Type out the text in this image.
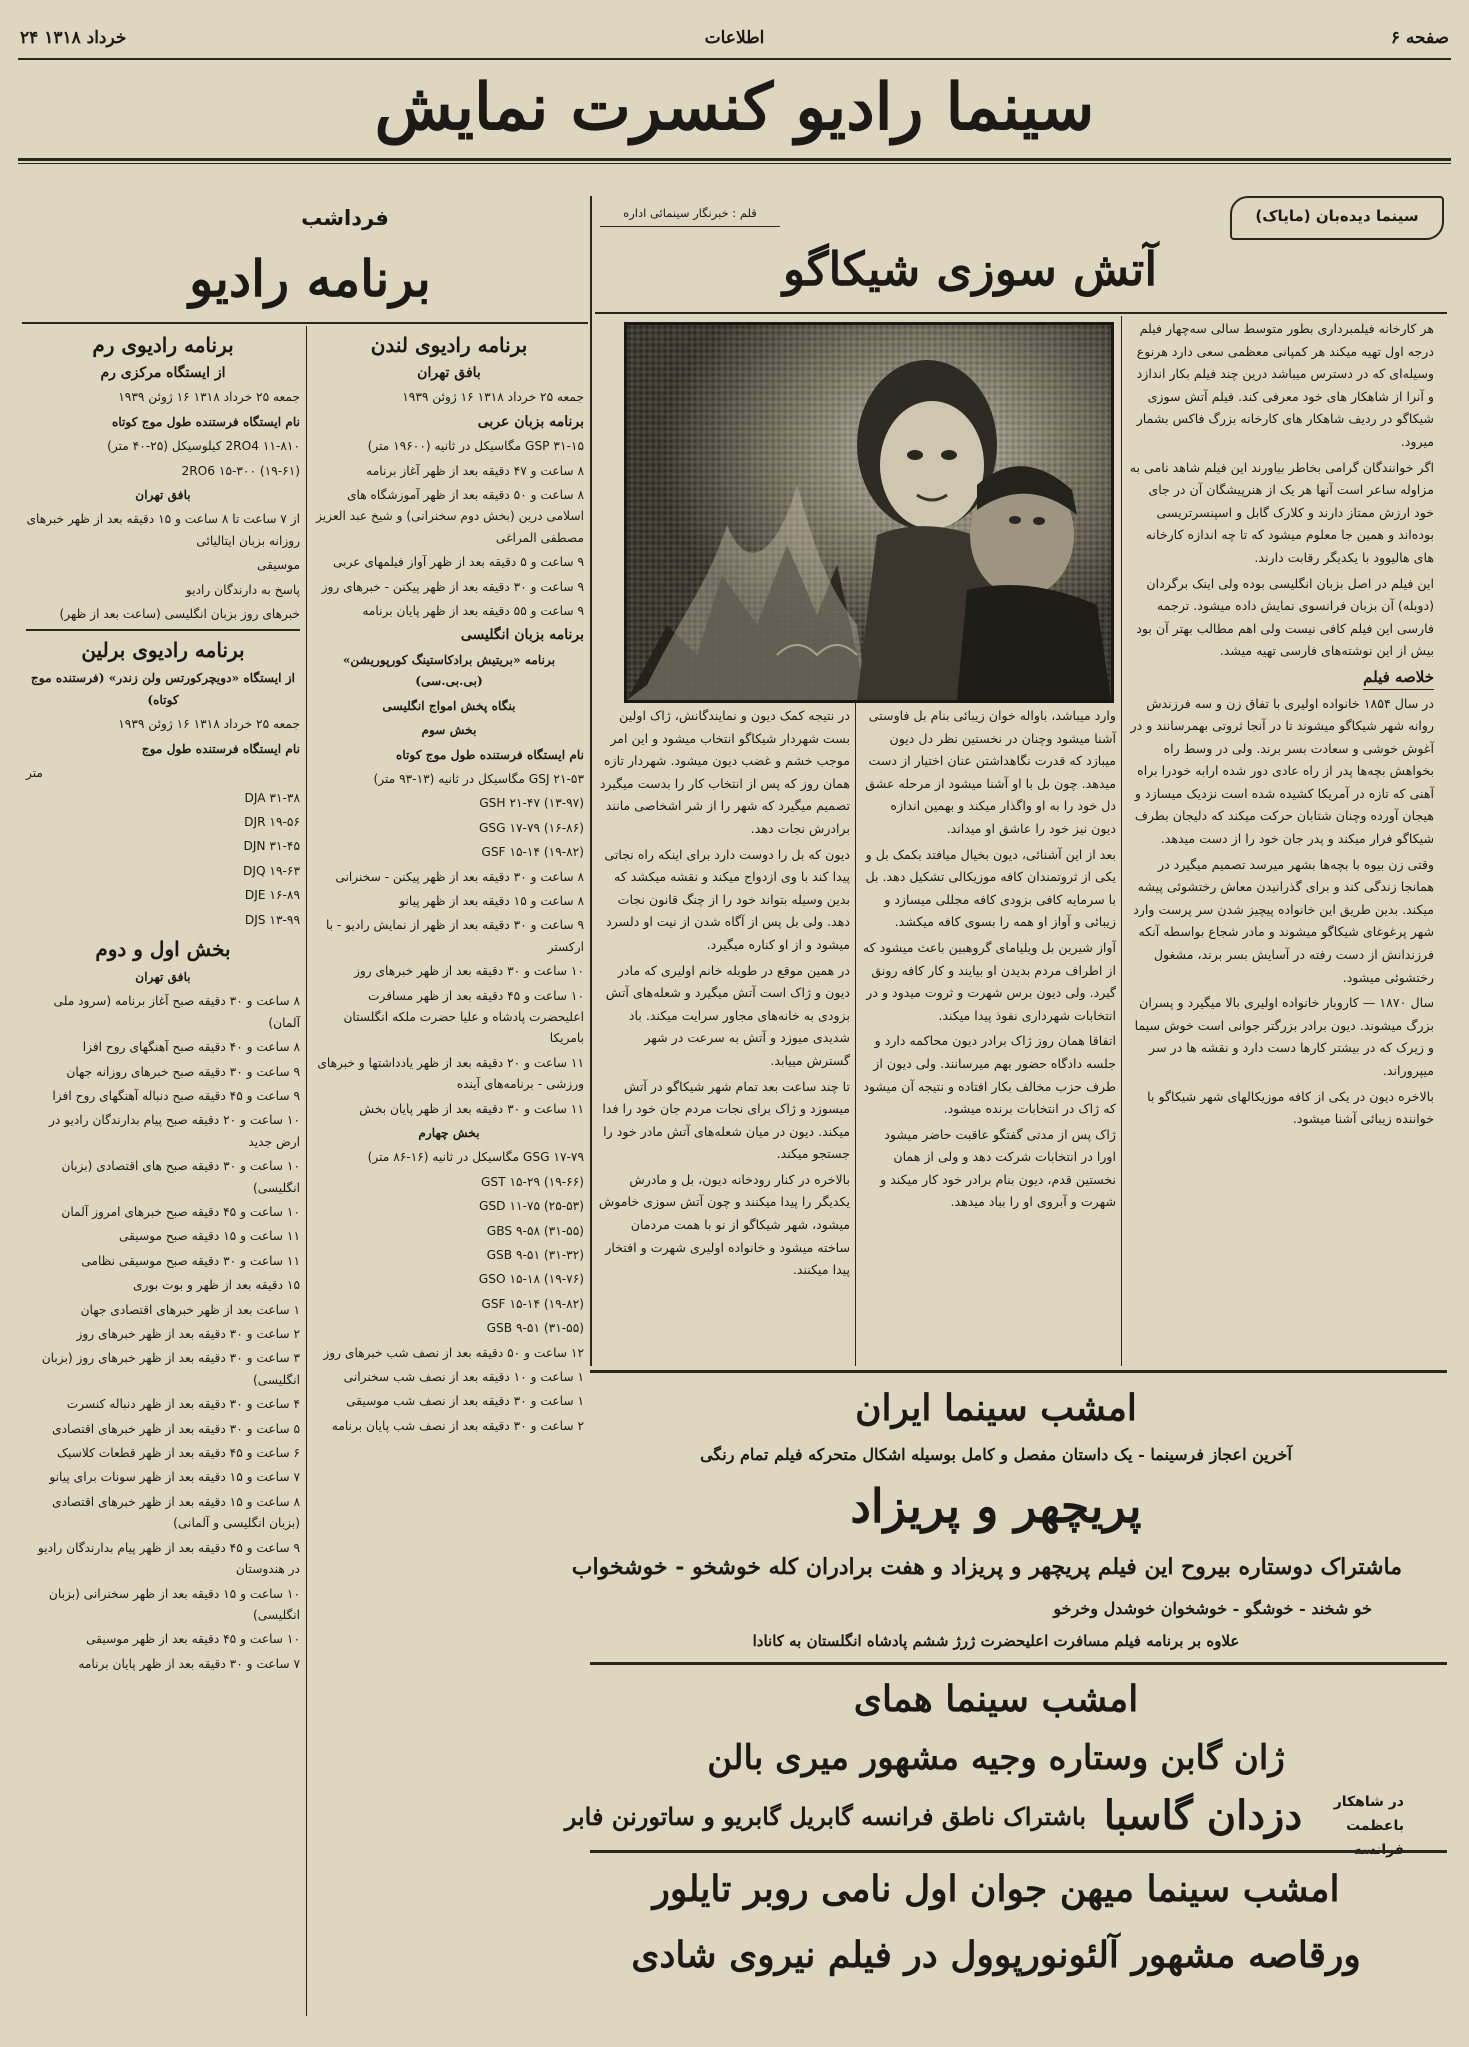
صفحه ۶
اطلاعات
۲۴ خرداد ۱۳۱۸
سینما رادیو کنسرت نمایش
سینما دیده‌بان (مایاک)
قلم : خبرنگار سینمائی اداره
آتش سوزی شیکاگو

هر کارخانه فیلمبرداری بطور متوسط سالی سه‌چهار فیلم درجه اول تهیه میکند هر کمپانی معظمی سعی دارد هرنوع وسیله‌ای که در دسترس میباشد درین چند فیلم بکار اندازد و آنرا از شاهکار های خود معرفی کند. فیلم آتش سوزی شیکاگو در ردیف شاهکار های کارخانه بزرگ فاکس بشمار میرود.

اگر خوانندگان گرامی بخاطر بیاورند این فیلم شاهد نامی به مزاوله ساعر است آنها هر یک از هنرپیشگان آن در جای خود ارزش ممتاز دارند و کلارک گابل و اسپنسرتریسی بوده‌اند و همین جا معلوم میشود که تا چه اندازه کارخانه های هالیوود با یکدیگر رقابت دارند.

این فیلم در اصل بزبان انگلیسی بوده ولی اینک برگردان (دوبله) آن بزبان فرانسوی نمایش داده میشود. ترجمه فارسی این فیلم کافی نیست ولی اهم مطالب بهتر آن بود بیش از این نوشته‌های فارسی تهیه میشد.

خلاصه فیلم

در سال ۱۸۵۴ خانواده اولیری با تفاق زن و سه فرزندش روانه شهر شیکاگو میشوند تا در آنجا ثروتی بهمرسانند و در آغوش خوشی و سعادت بسر برند. ولی در وسط راه بخواهش بچه‌ها پدر از راه عادی دور شده ارابه خودرا براه آهنی که تازه در آمریکا کشیده شده است نزدیک میسازد و هیجان آورده وچنان شتابان حرکت میکند که دلیجان بطرف شیکاگو فرار میکند و پدر جان خود را از دست میدهد.

وقتی زن بیوه با بچه‌ها بشهر میرسد تصمیم میگیرد در همانجا زندگی کند و برای گذرانیدن معاش رختشوئی پیشه میکند. بدین طریق این خانواده پیچیز شدن سر پرست وارد شهر پرغوغای شیکاگو میشوند و مادر شجاع بواسطه آنکه فرزندانش از دست رفته در آسایش بسر برند، مشغول رختشوئی میشود.

سال ۱۸۷۰ — کاروبار خانواده اولیری بالا میگیرد و پسران بزرگ میشوند. دیون برادر بزرگتر جوانی است خوش سیما و زیرک که در بیشتر کارها دست دارد و نقشه ها در سر میپروراند.

بالاخره دیون در یکی از کافه موزیکالهای شهر شیکاگو با خواننده زیبائی آشنا میشود.

وارد میباشد، باواله خوان زیبائی بنام بل فاوستی آشنا میشود وچنان در نخستین نظر دل دیون میبازد که قدرت نگاهداشتن عنان اختیار از دست میدهد. چون بل با او آشنا میشود از مرحله عشق دل خود را به او واگذار میکند و بهمین اندازه دیون نیز خود را عاشق او میداند.

بعد از این آشنائی، دیون بخیال میافتد بکمک بل و یکی از ثروتمندان کافه موزیکالی تشکیل دهد. بل با سرمایه کافی بزودی کافه مجللی میسازد و زیبائی و آواز او همه را بسوی کافه میکشد.

آواز شیرین بل ویلیامای گروهبین باعث میشود که از اطراف مردم بدیدن او بیایند و کار کافه رونق گیرد. ولی دیون برس شهرت و ثروت میدود و در انتخابات شهرداری نفوذ پیدا میکند.

اتفاقا همان روز ژاک برادر دیون محاکمه دارد و جلسه دادگاه حضور بهم میرسانند. ولی دیون از طرف حزب مخالف بکار افتاده و نتیجه آن میشود که ژاک در انتخابات برنده میشود.

ژاک پس از مدتی گفتگو عاقبت حاضر میشود اورا در انتخابات شرکت دهد و ولی از همان نخستین قدم، دیون بنام برادر خود کار میکند و شهرت و آبروی او را بباد میدهد.

در نتیجه کمک دیون و نمایندگانش، ژاک اولین بست شهردار شیکاگو انتخاب میشود و این امر موجب خشم و غضب دیون میشود. شهردار تازه همان روز که پس از انتخاب کار را بدست میگیرد تصمیم میگیرد که شهر را از شر اشخاصی مانند برادرش نجات دهد.

دیون که بل را دوست دارد برای اینکه راه نجاتی پیدا کند با وی ازدواج میکند و نقشه میکشد که بدین وسیله بتواند خود را از چنگ قانون نجات دهد. ولی بل پس از آگاه شدن از نیت او دلسرد میشود و از او کناره میگیرد.

در همین موقع در طویله خانم اولیری که مادر دیون و ژاک است آتش میگیرد و شعله‌های آتش بزودی به خانه‌های مجاور سرایت میکند. باد شدیدی میوزد و آتش به سرعت در شهر گسترش مییابد.

تا چند ساعت بعد تمام شهر شیکاگو در آتش میسوزد و ژاک برای نجات مردم جان خود را فدا میکند. دیون در میان شعله‌های آتش مادر خود را جستجو میکند.

بالاخره در کنار رودخانه دیون، بل و مادرش یکدیگر را پیدا میکنند و چون آتش سوزی خاموش میشود، شهر شیکاگو از نو با همت مردمان ساخته میشود و خانواده اولیری شهرت و افتخار پیدا میکنند.

امشب سینما ایران
آخرین اعجاز فرسینما - یک داستان مفصل و کامل بوسیله اشکال متحرکه فیلم تمام رنگی
پریچهر و پریزاد
ماشتراک دوستاره بیروح این فیلم پریچهر و پریزاد و هفت برادران کله خوشخو - خوشخواب
خو شخند - خوشگو - خوشخوان خوشدل وخرخو
علاوه بر برنامه فیلم مسافرت اعلیحضرت ژرژ ششم پادشاه انگلستان به کانادا
امشب سینما همای
ژان گابن وستاره وجیه مشهور میری بالن
در شاهکار باعظمت
دزدان گاسبا
باشتراک ناطق فرانسه گابریل گابریو و ساتورنن فابر
امشب سینما میهن جوان اول نامی روبر تایلور
ورقاصه مشهور آلئونورپوول در فیلم نیروی شادی
فرداشب
برنامه رادیو

برنامه رادیوی لندن

بافق تهران

جمعه ۲۵ خرداد ۱۳۱۸ ۱۶ ژوئن ۱۹۳۹

برنامه بزبان عربی

GSP ۳۱-۱۵ مگاسیکل در ثانیه (۱۹۶۰۰ متر)

۸ ساعت و ۴۷ دقیقه بعد از ظهر آغاز برنامه

۸ ساعت و ۵۰ دقیقه بعد از ظهر آموزشگاه های اسلامی درین (بخش دوم سخنرانی) و شیخ عبد العزیز مصطفی المراغی

۹ ساعت و ۵ دقیقه بعد از ظهر آواز فیلمهای عربی

۹ ساعت و ۳۰ دقیقه بعد از ظهر پیکنن - خبرهای روز

۹ ساعت و ۵۵ دقیقه بعد از ظهر پایان برنامه

برنامه بزبان انگلیسی

برنامه «بریتیش برادکاستینگ کورپوریشن» (بی.بی.سی)

بنگاه پخش امواج انگلیسی

بخش سوم

نام ایستگاه فرستنده طول موج کوتاه

GSJ ۲۱-۵۳ مگاسیکل در ثانیه (۱۳-۹۳ متر)

GSH ۲۱-۴۷ (۱۳-۹۷)

GSG ۱۷-۷۹ (۱۶-۸۶)

GSF ۱۵-۱۴ (۱۹-۸۲)

۸ ساعت و ۳۰ دقیقه بعد از ظهر پیکنن - سخنرانی

۸ ساعت و ۱۵ دقیقه بعد از ظهر پیانو

۹ ساعت و ۳۰ دقیقه بعد از ظهر از نمایش رادیو - با ارکستر

۱۰ ساعت و ۳۰ دقیقه بعد از ظهر خبرهای روز

۱۰ ساعت و ۴۵ دقیقه بعد از ظهر مسافرت اعلیحضرت پادشاه و علیا حضرت ملکه انگلستان بامریکا

۱۱ ساعت و ۲۰ دقیقه بعد از ظهر یادداشتها و خبرهای ورزشی - برنامه‌های آینده

۱۱ ساعت و ۳۰ دقیقه بعد از ظهر پایان بخش

بخش چهارم

GSG ۱۷-۷۹ مگاسیکل در ثانیه (۱۶-۸۶ متر)

GST ۱۵-۲۹ (۱۹-۶۶)

GSD ۱۱-۷۵ (۲۵-۵۳)

GBS ۹-۵۸ (۳۱-۵۵)

GSB ۹-۵۱ (۳۱-۳۲)

GSO ۱۵-۱۸ (۱۹-۷۶)

GSF ۱۵-۱۴ (۱۹-۸۲)

GSB ۹-۵۱ (۳۱-۵۵)

۱۲ ساعت و ۵۰ دقیقه بعد از نصف شب خبرهای روز

۱ ساعت و ۱۰ دقیقه بعد از نصف شب سخنرانی

۱ ساعت و ۳۰ دقیقه بعد از نصف شب موسیقی

۲ ساعت و ۳۰ دقیقه بعد از نصف شب پایان برنامه

برنامه رادیوی رم

از ایستگاه مرکزی رم

جمعه ۲۵ خرداد ۱۳۱۸ ۱۶ ژوئن ۱۹۳۹

نام ایستگاه فرستنده طول موج کوتاه

2RO4 ۱۱-۸۱۰ کیلوسیکل (۲۵-۴۰ متر)

2RO6 ۱۵-۳۰۰ (۱۹-۶۱)

بافق تهران

از ۷ ساعت تا ۸ ساعت و ۱۵ دقیقه بعد از ظهر خبرهای روزانه بزبان ایتالیائی

موسیقی

پاسخ به دارندگان رادیو

خبرهای روز بزبان انگلیسی (ساعت بعد از ظهر)

برنامه رادیوی برلین

از ایستگاه «دویچرکورتس ولن زندر» (فرستنده موج کوتاه)

جمعه ۲۵ خرداد ۱۳۱۸ ۱۶ ژوئن ۱۹۳۹

نام ایستگاه فرستنده طول موج

متر

DJA ۳۱-۳۸

DJR ۱۹-۵۶

DJN ۳۱-۴۵

DJQ ۱۹-۶۳

DJE ۱۶-۸۹

DJS ۱۳-۹۹

بخش اول و دوم

بافق تهران

۸ ساعت و ۳۰ دقیقه صبح آغاز برنامه (سرود ملی آلمان)

۸ ساعت و ۴۰ دقیقه صبح آهنگهای روح افزا

۹ ساعت و ۳۰ دقیقه صبح خبرهای روزانه جهان

۹ ساعت و ۴۵ دقیقه صبح دنباله آهنگهای روح افزا

۱۰ ساعت و ۲۰ دقیقه صبح پیام بدارندگان رادیو در ارض جدید

۱۰ ساعت و ۳۰ دقیقه صبح های اقتصادی (بزبان انگلیسی)

۱۰ ساعت و ۴۵ دقیقه صبح خبرهای امروز آلمان

۱۱ ساعت و ۱۵ دقیقه صبح موسیقی

۱۱ ساعت و ۳۰ دقیقه صبح موسیقی نظامی

۱۵ دقیقه بعد از ظهر و بوت بوری

۱ ساعت بعد از ظهر خبرهای اقتصادی جهان

۲ ساعت و ۳۰ دقیقه بعد از ظهر خبرهای روز

۳ ساعت و ۳۰ دقیقه بعد از ظهر خبرهای روز (بزبان انگلیسی)

۴ ساعت و ۳۰ دقیقه بعد از ظهر دنباله کنسرت

۵ ساعت و ۳۰ دقیقه بعد از ظهر خبرهای اقتصادی

۶ ساعت و ۴۵ دقیقه بعد از ظهر قطعات کلاسیک

۷ ساعت و ۱۵ دقیقه بعد از ظهر سونات برای پیانو

۸ ساعت و ۱۵ دقیقه بعد از ظهر خبرهای اقتصادی (بزبان انگلیسی و آلمانی)

۹ ساعت و ۴۵ دقیقه بعد از ظهر پیام بدارندگان رادیو در هندوستان

۱۰ ساعت و ۱۵ دقیقه بعد از ظهر سخنرانی (بزبان انگلیسی)

۱۰ ساعت و ۴۵ دقیقه بعد از ظهر موسیقی

۷ ساعت و ۳۰ دقیقه بعد از ظهر پایان برنامه
